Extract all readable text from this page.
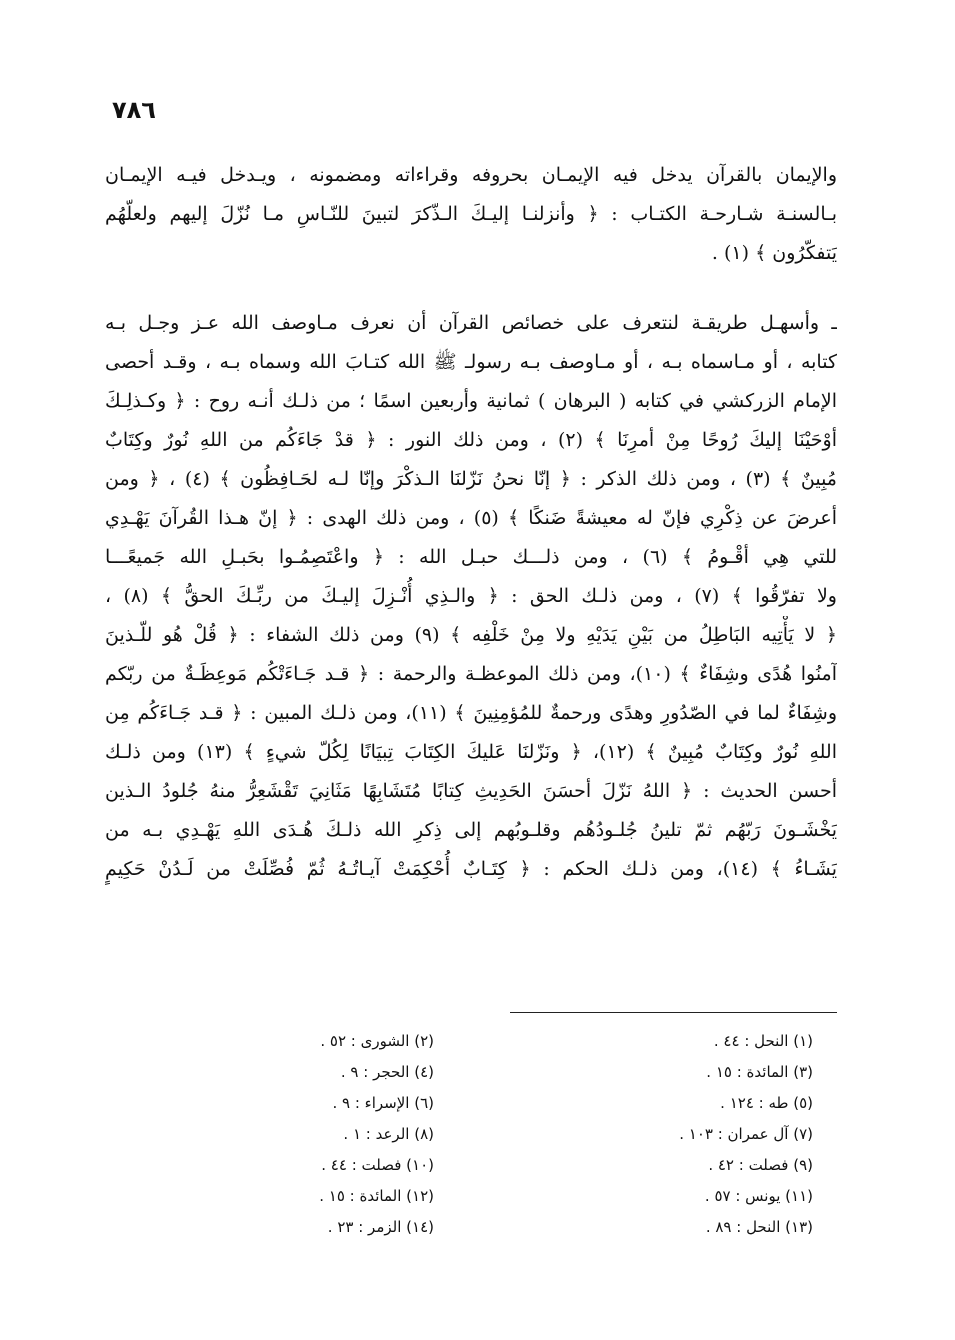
٧٨٦
والإيمان بالقرآن يدخل فيه الإيمـان بحروفه وقراءاته ومضمونه ، ويـدخل فيـه الإيمـان
بـالسنـة شـارحـة الكتـاب : ﴿ وأنزلنـا إليـكَ الـذّكرَ لتبينَ للنّـاسِ مـا نُزّلَ إليهم ولعلّهُم
يَتفكّرُون ﴾ (١) .
ـ وأسهـل طريقـة لنتعرف على خصائص القرآن أن نعرف مـاوصف الله عـز وجـل بـه
كتابه ، أو مـاسماه بـه ، أو مـاوصف بـه رسولـ ﷺ الله كتـابَ الله وسماه بـه ، وقـد أحصى
الإمام الزركشي في كتابه ( البرهان ) ثمانية وأربعين اسمًا ؛ من ذلـك أنـه روح : ﴿ وكـذلِـكَ
أوْحَيْنَا إليكَ رُوحًا مِنْ أمرِنَا ﴾ (٢) ، ومن ذلك النور : ﴿ قدْ جَاءَكُم من اللهِ نُورٌ وكِتَابٌ
مُبِينٌ ﴾ (٣) ، ومن ذلك الذكر : ﴿ إنّا نحنُ نَزّلنَا الـذكْرَ وإنّا لـه لحَـافِظُون ﴾ (٤) ، ﴿ ومن
أعرضَ عن ذِكْرِي فإنّ له معيشةً ضَنكًا ﴾ (٥) ، ومن ذلك الهدى : ﴿ إنّ هـذا القُرآنَ يَهْـدِي
للتي هِي أقْـومُ ﴾ (٦) ، ومن ذلـــك حبـل الله : ﴿ واعْتَصِمُـوا بحَبـلِ الله جَميعًـــا
ولا تفرّقُوا ﴾ (٧) ، ومن ذلـك الحق : ﴿ والـذِي أُنْـزِلَ إليـكَ من ربِّـكَ الحقُّ ﴾ (٨) ،
﴿ لا يَأْتِيه البَاطِلُ من بَيْنِ يَدَيْهِ ولا مِنْ خَلْفِه ﴾ (٩) ومن ذلك الشفاء : ﴿ قُلْ هُو للّـذينَ
آمنُوا هُدًى وشِفَاءٌ ﴾ (١٠)، ومن ذلك الموعظـة والرحمة : ﴿ قـد جَـاءَتْكُم مَوعِظَـةٌ من ربّكم
وشِفَاءٌ لما في الصّدُورِ وهدًى ورحمةٌ للمُؤمِنِينَ ﴾ (١١)، ومن ذلـك المبين : ﴿ قـد جَـاءَكُم مِن
اللهِ نُورٌ وكِتَابٌ مُبِينٌ ﴾ (١٢)، ﴿ ونَزّلنَا عَليكَ الكِتَابَ تِبيَانًا لِكُلّ شيءٍ ﴾ (١٣) ومن ذلـك
أحسن الحديث : ﴿ اللهُ نَزّلَ أحسَنَ الحَدِيثِ كِتابًا مُتَشَابِهًا مَثَانِيَ تَقْشَعِرُّ منهُ جُلودُ الـذين
يَخْشَـونَ رَبّهُم ثمّ تلينُ جُلـودُهُم وقلـوبُهم إلى ذِكرِ الله ذلـكَ هُـدَى اللهِ يَهْـدِي بـه من
يَشَـاءُ ﴾ (١٤)، ومن ذلـك الحكم : ﴿ كِتَـابٌ أُحْكِمَتْ آيـاتُـهُ ثُمّ فُصِّلَتْ من لَـدُنْ حَكِيمٍ
(١) النحل : ٤٤ .
(٣) المائدة : ١٥ .
(٥) طه : ١٢٤ .
(٧) آل عمران : ١٠٣ .
(٩) فصلت : ٤٢ .
(١١) يونس : ٥٧ .
(١٣) النحل : ٨٩ .
(٢) الشورى : ٥٢ .
(٤) الحجر : ٩ .
(٦) الإسراء : ٩ .
(٨) الرعد : ١ .
(١٠) فصلت : ٤٤ .
(١٢) المائدة : ١٥ .
(١٤) الزمر : ٢٣ .
